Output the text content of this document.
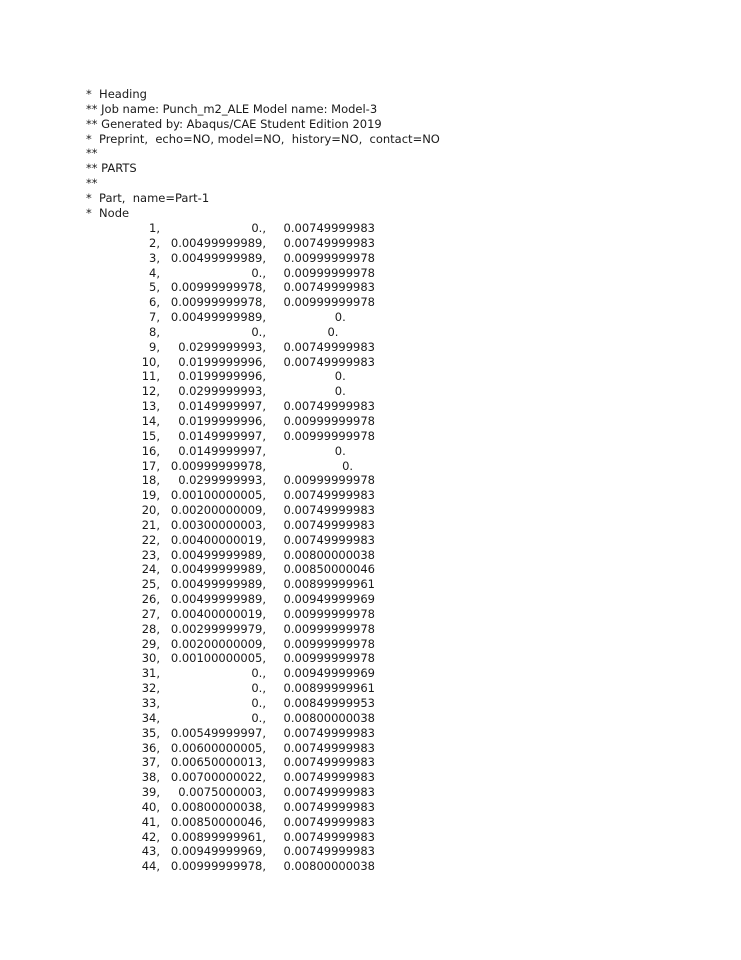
*  Heading
** Job name: Punch_m2_ALE Model name: Model-3
** Generated by: Abaqus/CAE Student Edition 2019
*  Preprint,  echo=NO, model=NO,  history=NO,  contact=NO
**
** PARTS
**
*  Part,  name=Part-1
*  Node
1,	0.,	0.00749999983
2, 0.00499999989,	0.00749999983
3, 0.00499999989,	0.00999999978
4,	0.,	0.00999999978
5, 0.00999999978,	0.00749999983
6, 0.00999999978,	0.00999999978
7, 0.00499999989,	0.
8,	0.,	0.
9,	0.0299999993,	0.00749999983
10,	0.0199999996,	0.00749999983
11,	0.0199999996,	0.
12,	0.0299999993,	0.
13,	0.0149999997,	0.00749999983
14,	0.0199999996,	0.00999999978
15,	0.0149999997,	0.00999999978
16,	0.0149999997,	0.
17, 0.00999999978,	0.
18,	0.0299999993,	0.00999999978
19, 0.00100000005,	0.00749999983
20, 0.00200000009,	0.00749999983
21, 0.00300000003,	0.00749999983
22, 0.00400000019,	0.00749999983
23, 0.00499999989,	0.00800000038
24, 0.00499999989,	0.00850000046
25, 0.00499999989,	0.00899999961
26, 0.00499999989,	0.00949999969
27, 0.00400000019,	0.00999999978
28, 0.00299999979,	0.00999999978
29, 0.00200000009,	0.00999999978
30, 0.00100000005,	0.00999999978
31,	0.,	0.00949999969
32,	0.,	0.00899999961
33,	0.,	0.00849999953
34,	0.,	0.00800000038
35, 0.00549999997,	0.00749999983
36, 0.00600000005,	0.00749999983
37, 0.00650000013,	0.00749999983
38, 0.00700000022,	0.00749999983
39,	0.0075000003,	0.00749999983
40, 0.00800000038,	0.00749999983
41, 0.00850000046,	0.00749999983
42, 0.00899999961,	0.00749999983
43, 0.00949999969,	0.00749999983
44, 0.00999999978,	0.00800000038
